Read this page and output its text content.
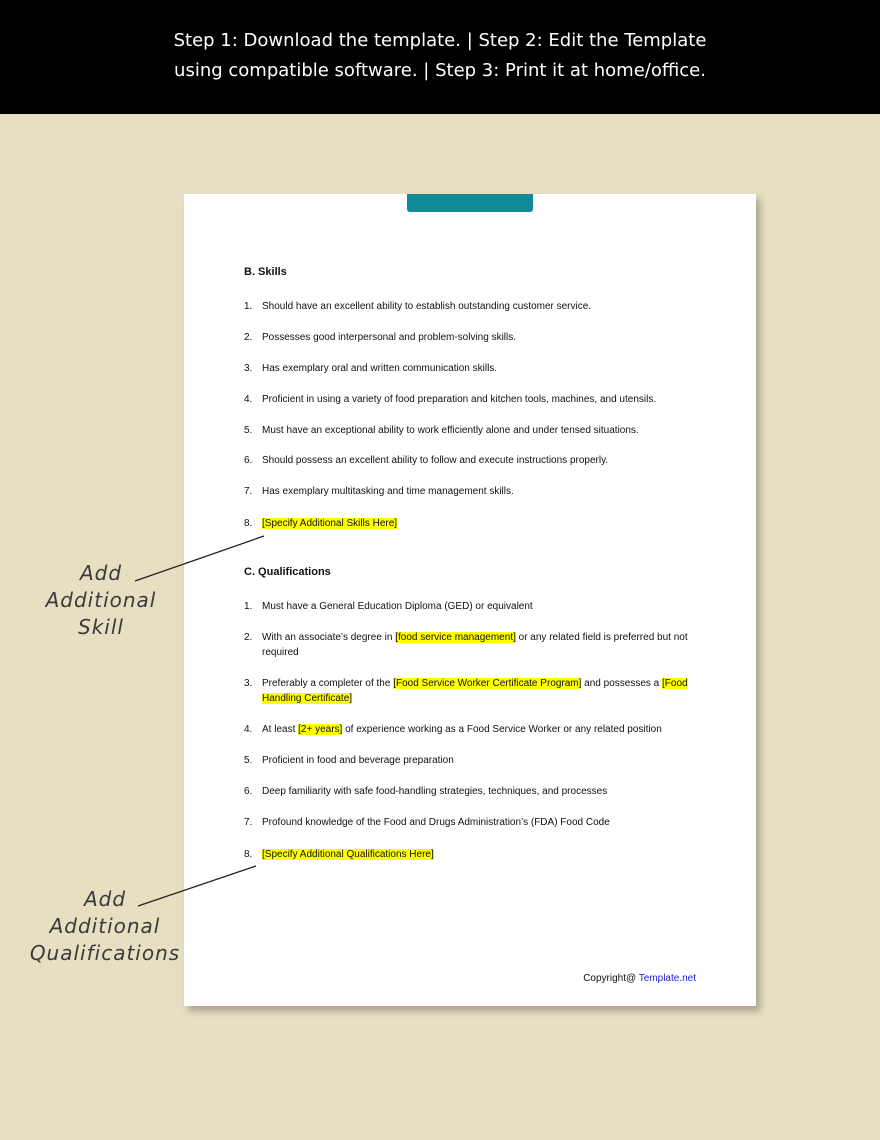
Step 1: Download the template. | Step 2: Edit the Template
using compatible software. | Step 3: Print it at home/office.
B. Skills
1. Should have an excellent ability to establish outstanding customer service.
2. Possesses good interpersonal and problem-solving skills.
3. Has exemplary oral and written communication skills.
4. Proficient in using a variety of food preparation and kitchen tools, machines, and utensils.
5. Must have an exceptional ability to work efficiently alone and under tensed situations.
6. Should possess an excellent ability to follow and execute instructions properly.
7. Has exemplary multitasking and time management skills.
8. [Specify Additional Skills Here]
C. Qualifications
1. Must have a General Education Diploma (GED) or equivalent
2. With an associate’s degree in [food service management] or any related field is preferred but not required
3. Preferably a completer of the [Food Service Worker Certificate Program] and possesses a [Food Handling Certificate]
4. At least [2+ years] of experience working as a Food Service Worker or any related position
5. Proficient in food and beverage preparation
6. Deep familiarity with safe food-handling strategies, techniques, and processes
7. Profound knowledge of the Food and Drugs Administration’s (FDA) Food Code
8. [Specify Additional Qualifications Here]
Copyright@ Template.net
Add
Additional
Skill
Add
Additional
Qualifications
